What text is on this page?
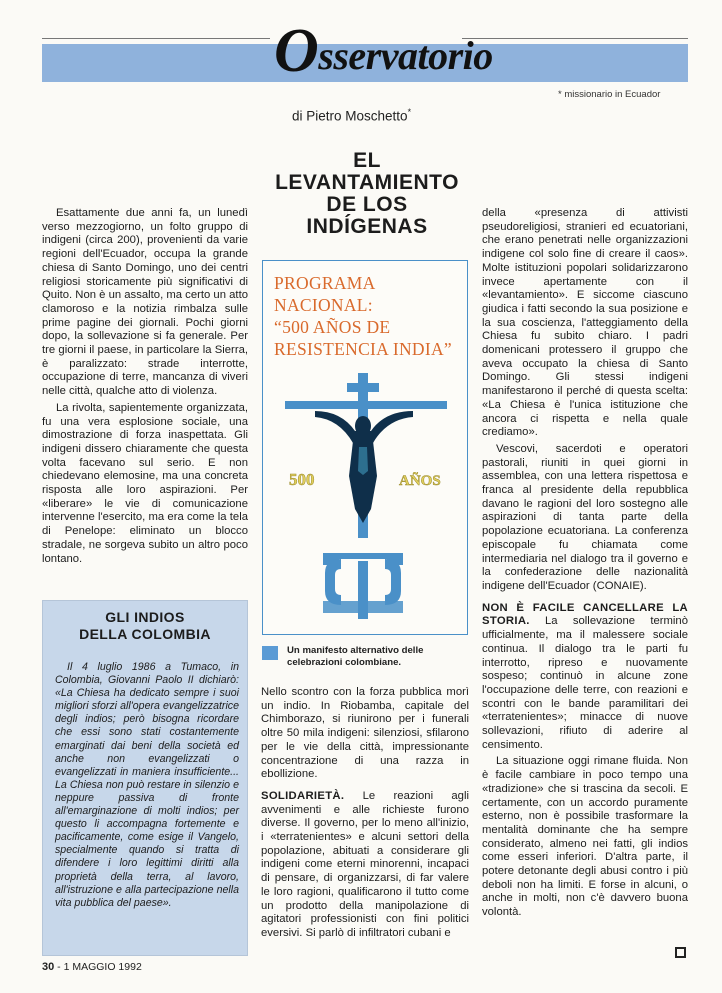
Osservatorio
* missionario in Ecuador
di Pietro Moschetto*
EL
LEVANTAMIENTO
DE LOS
INDÍGENAS

Esattamente due anni fa, un lunedì verso mezzogiorno, un folto gruppo di indigeni (circa 200), provenienti da varie regioni dell'Ecuador, occupa la grande chiesa di Santo Domingo, uno dei centri religiosi storicamente più significativi di Quito. Non è un assalto, ma certo un atto clamoroso e la notizia rimbalza sulle prime pagine dei giornali. Pochi giorni dopo, la sollevazione si fa generale. Per tre giorni il paese, in particolare la Sierra, è paralizzato: strade interrotte, occupazione di terre, mancanza di viveri nelle città, qualche atto di violenza.

La rivolta, sapientemente organizzata, fu una vera esplosione sociale, una dimostrazione di forza inaspettata. Gli indigeni dissero chiaramente che questa volta facevano sul serio. E non chiedevano elemosine, ma una concreta risposta alle loro aspirazioni. Per «liberare» le vie di comunicazione intervenne l'esercito, ma era come la tela di Penelope: eliminato un blocco stradale, ne sorgeva subito un altro poco lontano.

PROGRAMA
NACIONAL:
“500 AÑOS DE
RESISTENCIA INDIA”
500	AÑOS
Un manifesto alternativo delle celebrazioni colombiane.

Nello scontro con la forza pubblica morì un indio. In Riobamba, capitale del Chimborazo, si riunirono per i funerali oltre 50 mila indigeni: silenziosi, sfilarono per le vie della città, impressionante concentrazione di una razza in ebollizione.

SOLIDARIETÀ. Le reazioni agli avvenimenti e alle richieste furono diverse. Il governo, per lo meno all'inizio, i «terratenientes» e alcuni settori della popolazione, abituati a considerare gli indigeni come eterni minorenni, incapaci di pensare, di organizzarsi, di far valere le loro ragioni, qualificarono il tutto come un prodotto della manipolazione di agitatori professionisti con fini politici eversivi. Si parlò di infiltratori cubani e

della «presenza di attivisti pseudoreligiosi, stranieri ed ecuatoriani, che erano penetrati nelle organizzazioni indigene col solo fine di creare il caos». Molte istituzioni popolari solidarizzarono invece apertamente con il «levantamiento». E siccome ciascuno giudica i fatti secondo la sua posizione e la sua coscienza, l'atteggiamento della Chiesa fu subito chiaro. I padri domenicani protessero il gruppo che aveva occupato la chiesa di Santo Domingo. Gli stessi indigeni manifestarono il perché di questa scelta: «La Chiesa è l'unica istituzione che ancora ci rispetta e nella quale crediamo».

Vescovi, sacerdoti e operatori pastorali, riuniti in quei giorni in assemblea, con una lettera rispettosa e franca al presidente della repubblica davano le ragioni del loro sostegno alle aspirazioni di tanta parte della popolazione ecuatoriana. La conferenza episcopale fu chiamata come intermediaria nel dialogo tra il governo e la confederazione delle nazionalità indigene dell'Ecuador (CONAIE).

NON È FACILE CANCELLARE LA STORIA. La sollevazione terminò ufficialmente, ma il malessere sociale continua. Il dialogo tra le parti fu interrotto, ripreso e nuovamente sospeso; continuò in alcune zone l'occupazione delle terre, con reazioni e scontri con le bande paramilitari dei «terratenientes»; minacce di nuove sollevazioni, rifiuto di aderire al censimento.

La situazione oggi rimane fluida. Non è facile cambiare in poco tempo una «tradizione» che si trascina da secoli. E certamente, con un accordo puramente esterno, non è possibile trasformare la mentalità dominante che ha sempre considerato, almeno nei fatti, gli indios come esseri inferiori. D'altra parte, il potere detonante degli abusi contro i più deboli non ha limiti. E forse in alcuni, o anche in molti, non c'è davvero buona volontà.

GLI INDIOS
DELLA COLOMBIA
Il 4 luglio 1986 a Tumaco, in Colombia, Giovanni Paolo II dichiarò: «La Chiesa ha dedicato sempre i suoi migliori sforzi all'opera evangelizzatrice degli indios; però bisogna ricordare che essi sono stati costantemente emarginati dai beni della società ed anche non evangelizzati o evangelizzati in maniera insufficiente... La Chiesa non può restare in silenzio e neppure passiva di fronte all'emarginazione di molti indios; per questo li accompagna fortemente e pacificamente, come esige il Vangelo, specialmente quando si tratta di difendere i loro legittimi diritti alla proprietà della terra, al lavoro, all'istruzione e alla partecipazione nella vita pubblica del paese».
30 - 1 MAGGIO 1992
